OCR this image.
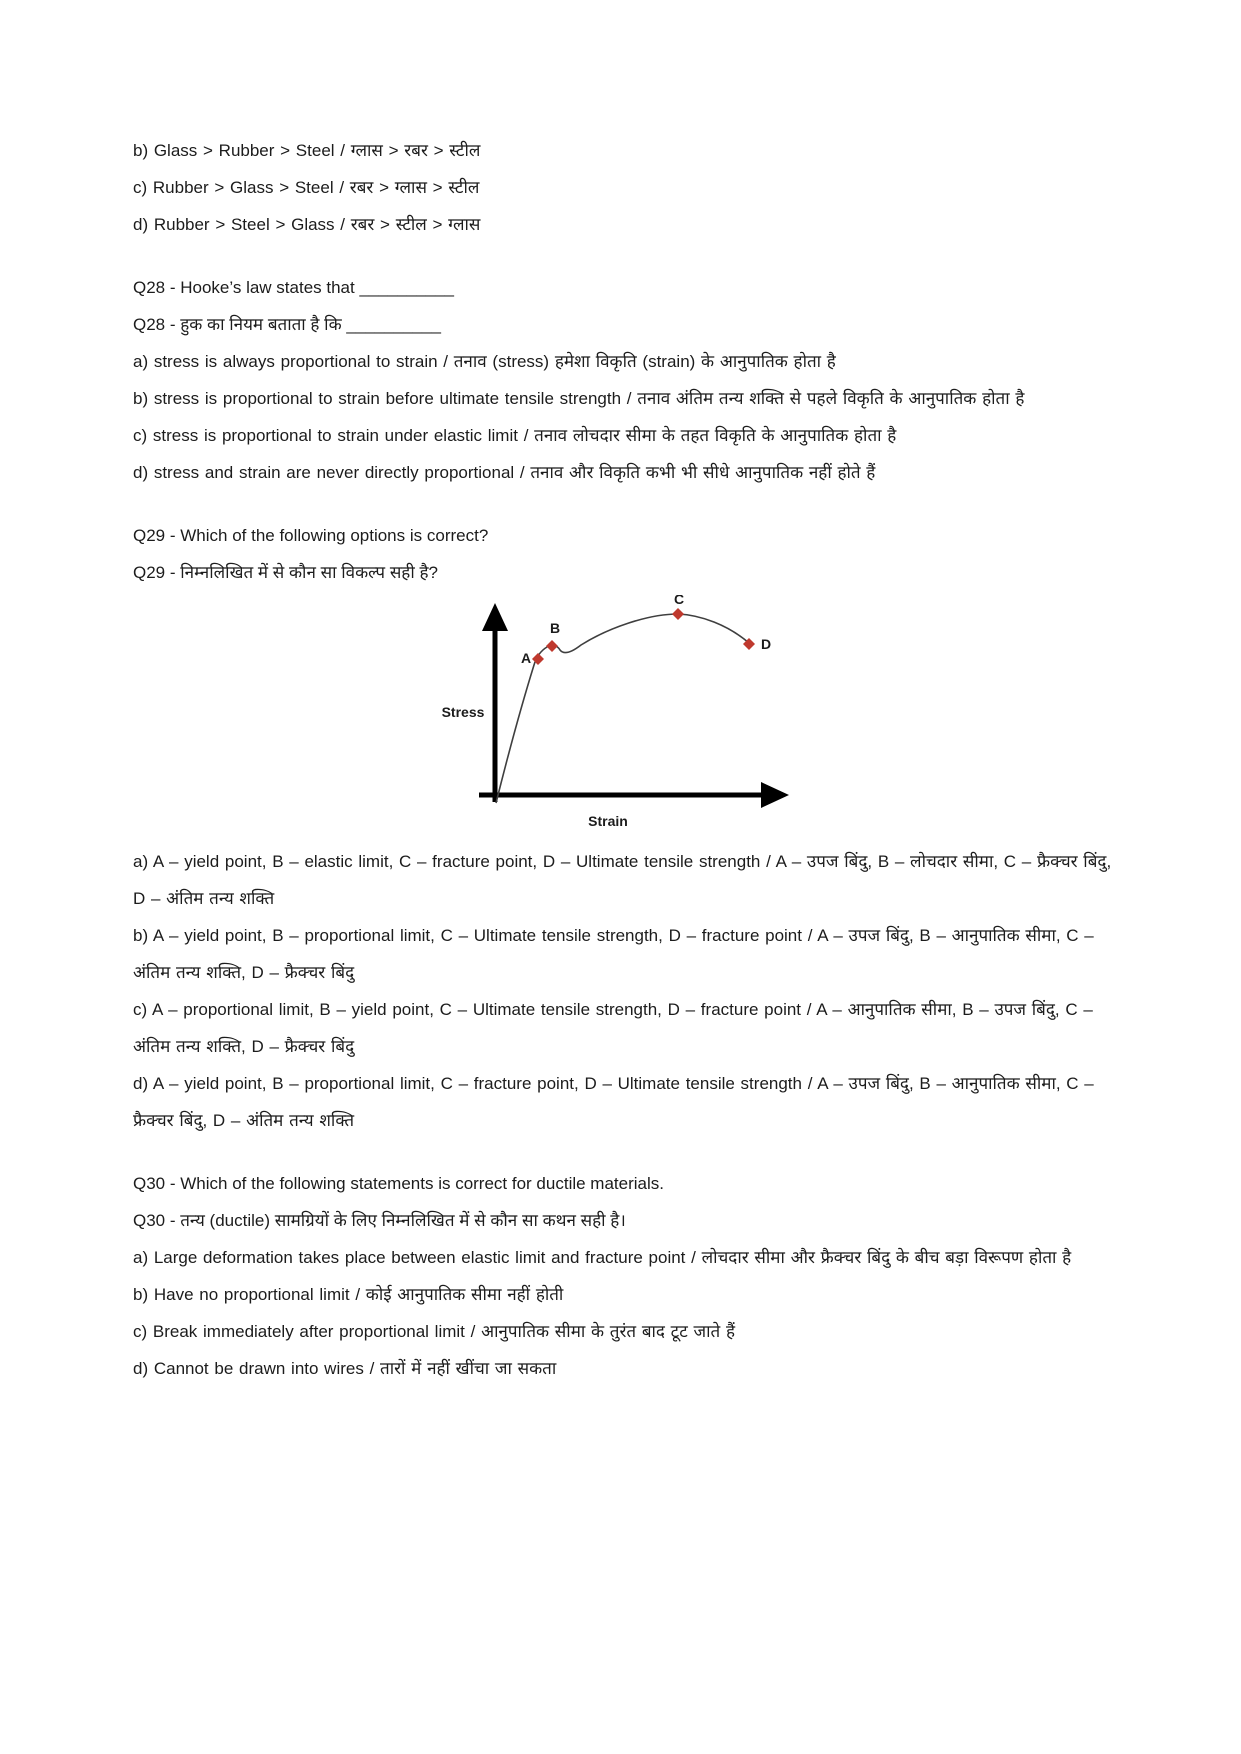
b) Glass > Rubber > Steel / ग्लास > रबर > स्टील

c) Rubber > Glass > Steel / रबर > ग्लास > स्टील

d) Rubber > Steel > Glass / रबर > स्टील > ग्लास

Q28 - Hooke’s law states that __________

Q28 - हुक का नियम बताता है कि __________

a) stress is always proportional to strain / तनाव (stress) हमेशा विकृति (strain) के आनुपातिक होता है

b) stress is proportional to strain before ultimate tensile strength / तनाव अंतिम तन्य शक्ति से पहले विकृति के आनुपातिक होता है

c) stress is proportional to strain under elastic limit / तनाव लोचदार सीमा के तहत विकृति के आनुपातिक होता है

d) stress and strain are never directly proportional / तनाव और विकृति कभी भी सीधे आनुपातिक नहीं होते हैं

Q29 - Which of the following options is correct?

Q29 - निम्नलिखित में से कौन सा विकल्प सही है?

A
B
C
D
Stress
Strain

a) A – yield point, B – elastic limit, C – fracture point, D – Ultimate tensile strength / A – उपज बिंदु, B – लोचदार सीमा, C – फ्रैक्चर बिंदु, D – अंतिम तन्य शक्ति

b) A – yield point, B – proportional limit, C – Ultimate tensile strength, D – fracture point / A – उपज बिंदु, B – आनुपातिक सीमा, C – अंतिम तन्य शक्ति, D – फ्रैक्चर बिंदु

c) A – proportional limit, B – yield point, C – Ultimate tensile strength, D – fracture point / A – आनुपातिक सीमा, B – उपज बिंदु, C – अंतिम तन्य शक्ति, D – फ्रैक्चर बिंदु

d) A – yield point, B – proportional limit, C – fracture point, D – Ultimate tensile strength / A – उपज बिंदु, B – आनुपातिक सीमा, C – फ्रैक्चर बिंदु, D – अंतिम तन्य शक्ति

Q30 - Which of the following statements is correct for ductile materials.

Q30 - तन्य (ductile) सामग्रियों के लिए निम्नलिखित में से कौन सा कथन सही है।

a) Large deformation takes place between elastic limit and fracture point / लोचदार सीमा और फ्रैक्चर बिंदु के बीच बड़ा विरूपण होता है

b) Have no proportional limit / कोई आनुपातिक सीमा नहीं होती

c) Break immediately after proportional limit / आनुपातिक सीमा के तुरंत बाद टूट जाते हैं

d) Cannot be drawn into wires / तारों में नहीं खींचा जा सकता
